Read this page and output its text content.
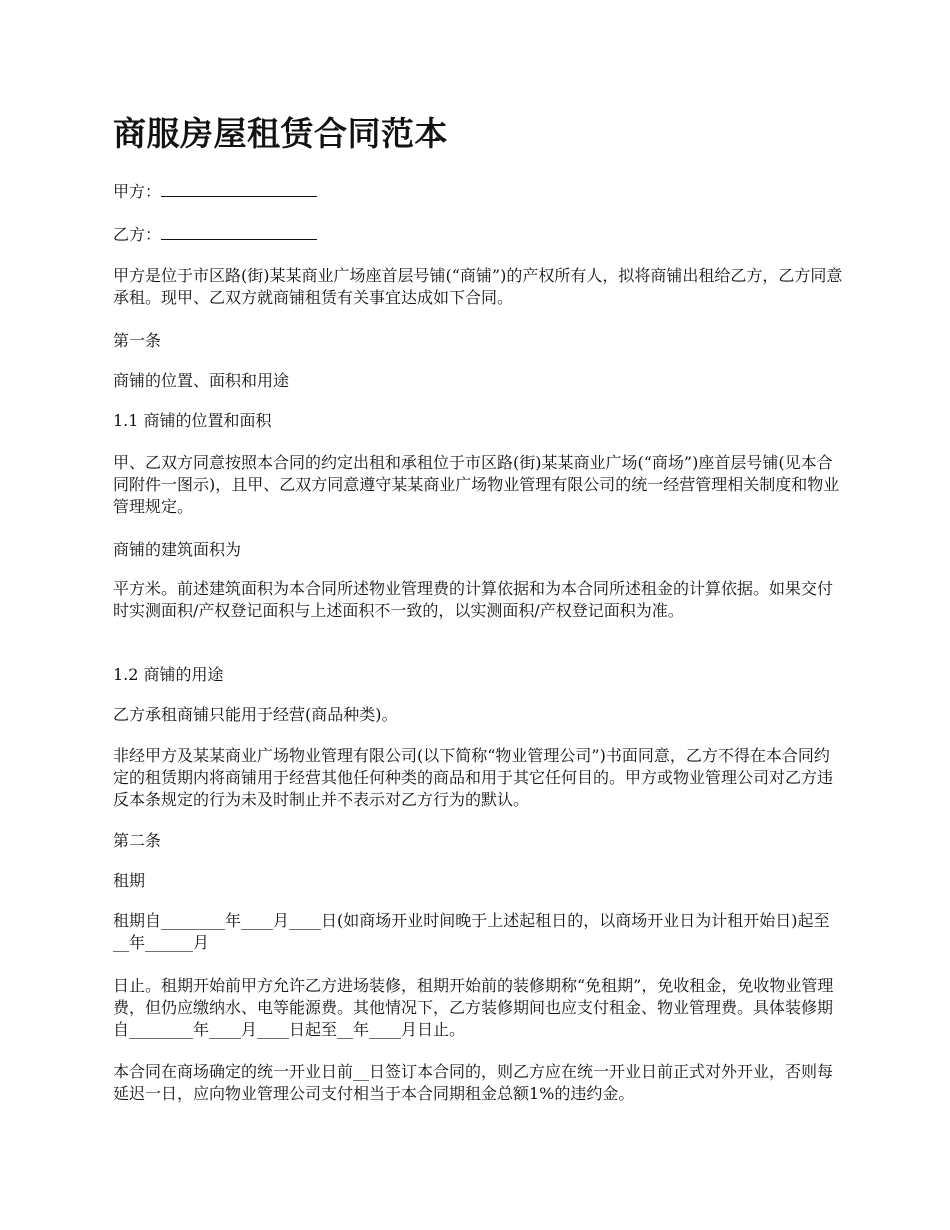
商服房屋租赁合同范本

甲方：

乙方：

甲方是位于市区路(街)某某商业广场座首层号铺(“商铺”)的产权所有人，拟将商铺出租给乙方，乙方同意承租。现甲、乙双方就商铺租赁有关事宜达成如下合同。

第一条

商铺的位置、面积和用途

1.1 商铺的位置和面积

甲、乙双方同意按照本合同的约定出租和承租位于市区路(街)某某商业广场(“商场”)座首层号铺(见本合同附件一图示)，且甲、乙双方同意遵守某某商业广场物业管理有限公司的统一经营管理相关制度和物业管理规定。

商铺的建筑面积为

平方米。前述建筑面积为本合同所述物业管理费的计算依据和为本合同所述租金的计算依据。如果交付时实测面积/产权登记面积与上述面积不一致的，以实测面积/产权登记面积为准。

1.2 商铺的用途

乙方承租商铺只能用于经营(商品种类)。

非经甲方及某某商业广场物业管理有限公司(以下简称“物业管理公司”)书面同意，乙方不得在本合同约定的租赁期内将商铺用于经营其他任何种类的商品和用于其它任何目的。甲方或物业管理公司对乙方违反本条规定的行为未及时制止并不表示对乙方行为的默认。

第二条

租期

租期自________年____月____日(如商场开业时间晚于上述起租日的，以商场开业日为计租开始日)起至__年______月

日止。租期开始前甲方允许乙方进场装修，租期开始前的装修期称“免租期”，免收租金，免收物业管理费，但仍应缴纳水、电等能源费。其他情况下，乙方装修期间也应支付租金、物业管理费。具体装修期自________年____月____日起至__年____月日止。

本合同在商场确定的统一开业日前__日签订本合同的，则乙方应在统一开业日前正式对外开业，否则每延迟一日，应向物业管理公司支付相当于本合同期租金总额1%的违约金。
